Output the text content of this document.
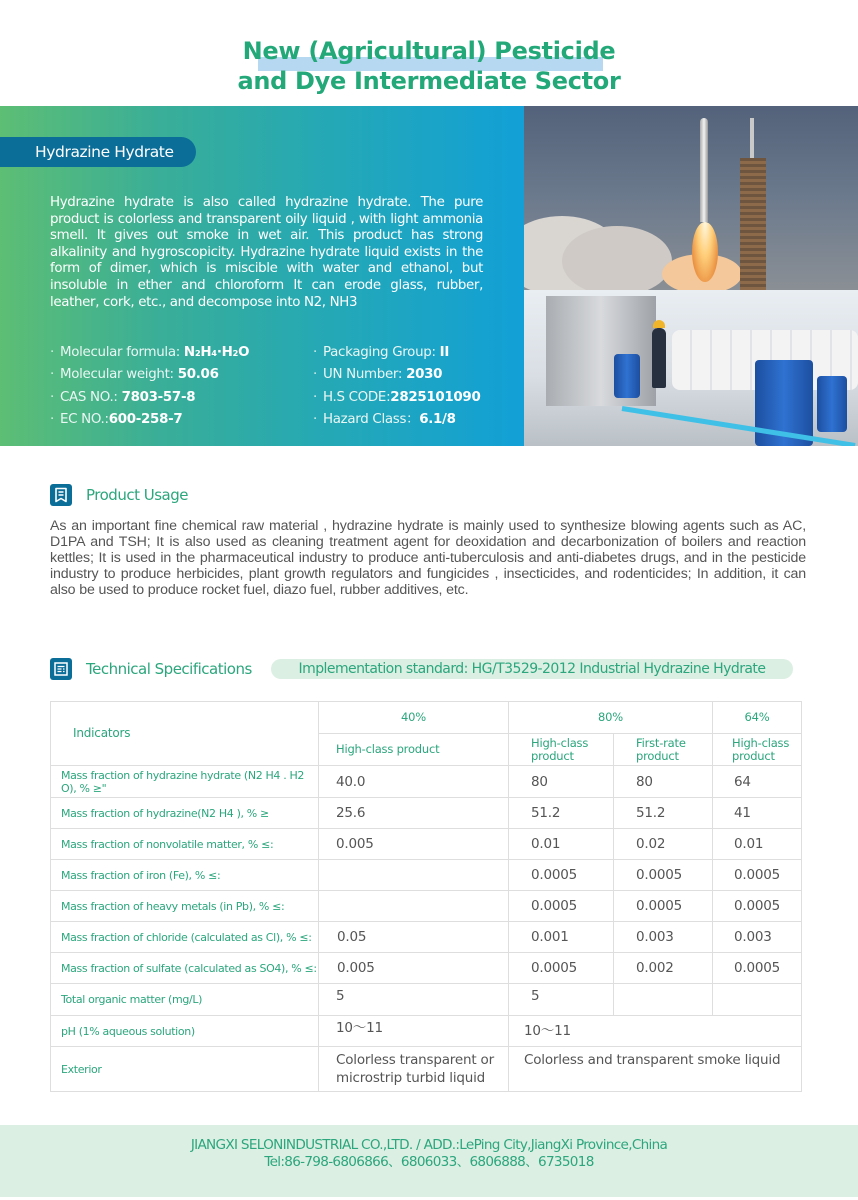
New (Agricultural) Pesticide
and Dye Intermediate Sector
Hydrazine Hydrate

Hydrazine hydrate is also called hydrazine hydrate. The pure product is colorless and transparent oily liquid , with light ammonia smell. It gives out smoke in wet air. This product has strong alkalinity and hygroscopicity. Hydrazine hydrate liquid exists in the form of dimer, which is miscible with water and ethanol, but insoluble in ether and chloroform It can erode glass, rubber, leather, cork, etc., and decompose into N2, NH3

· Molecular formula: N₂H₄·H₂O	· Packaging Group: II
· Molecular weight: 50.06	· UN Number: 2030
· CAS NO.: 7803-57-8	· H.S CODE:2825101090
· EC NO.:600-258-7	· Hazard Class：6.1/8
Product Usage

As an important fine chemical raw material , hydrazine hydrate is mainly used to synthesize blowing agents such as AC, D1PA and TSH; It is also used as cleaning treatment agent for deoxidation and decarbonization of boilers and reaction kettles; It is used in the pharmaceutical industry to produce anti-tuberculosis and anti-diabetes drugs, and in the pesticide industry to produce herbicides, plant growth regulators and fungicides , insecticides, and rodenticides; In addition, it can also be used to produce rocket fuel, diazo fuel, rubber additives, etc.

Technical Specifications	Implementation standard: HG/T3529-2012 Industrial Hydrazine Hydrate
Indicators	40%	80%		64%
	High-class product	High-class product	First-rate product	High-class product
Mass fraction of hydrazine hydrate (N2 H4 . H2 O), % ≥"	40.0	80	80	64
Mass fraction of hydrazine(N2 H4 ), % ≥	25.6	51.2	51.2	41
Mass fraction of nonvolatile matter, % ≤:	0.005	0.01	0.02	0.01
Mass fraction of iron (Fe), % ≤:		0.0005	0.0005	0.0005
Mass fraction of heavy metals (in Pb), % ≤:		0.0005	0.0005	0.0005
Mass fraction of chloride (calculated as Cl), % ≤:	0.05	0.001	0.003	0.003
Mass fraction of sulfate (calculated as SO4), % ≤:	0.005	0.0005	0.002	0.0005
Total organic matter (mg/L)	5	5		
pH (1% aqueous solution)	10～11	10～11		
Exterior	Colorless transparent or microstrip turbid liquid	Colorless and transparent smoke liquid		
JIANGXI SELONINDUSTRIAL CO.,LTD. / ADD.:LePing City,JiangXi Province,China
Tel:86-798-6806866、6806033、6806888、6735018
